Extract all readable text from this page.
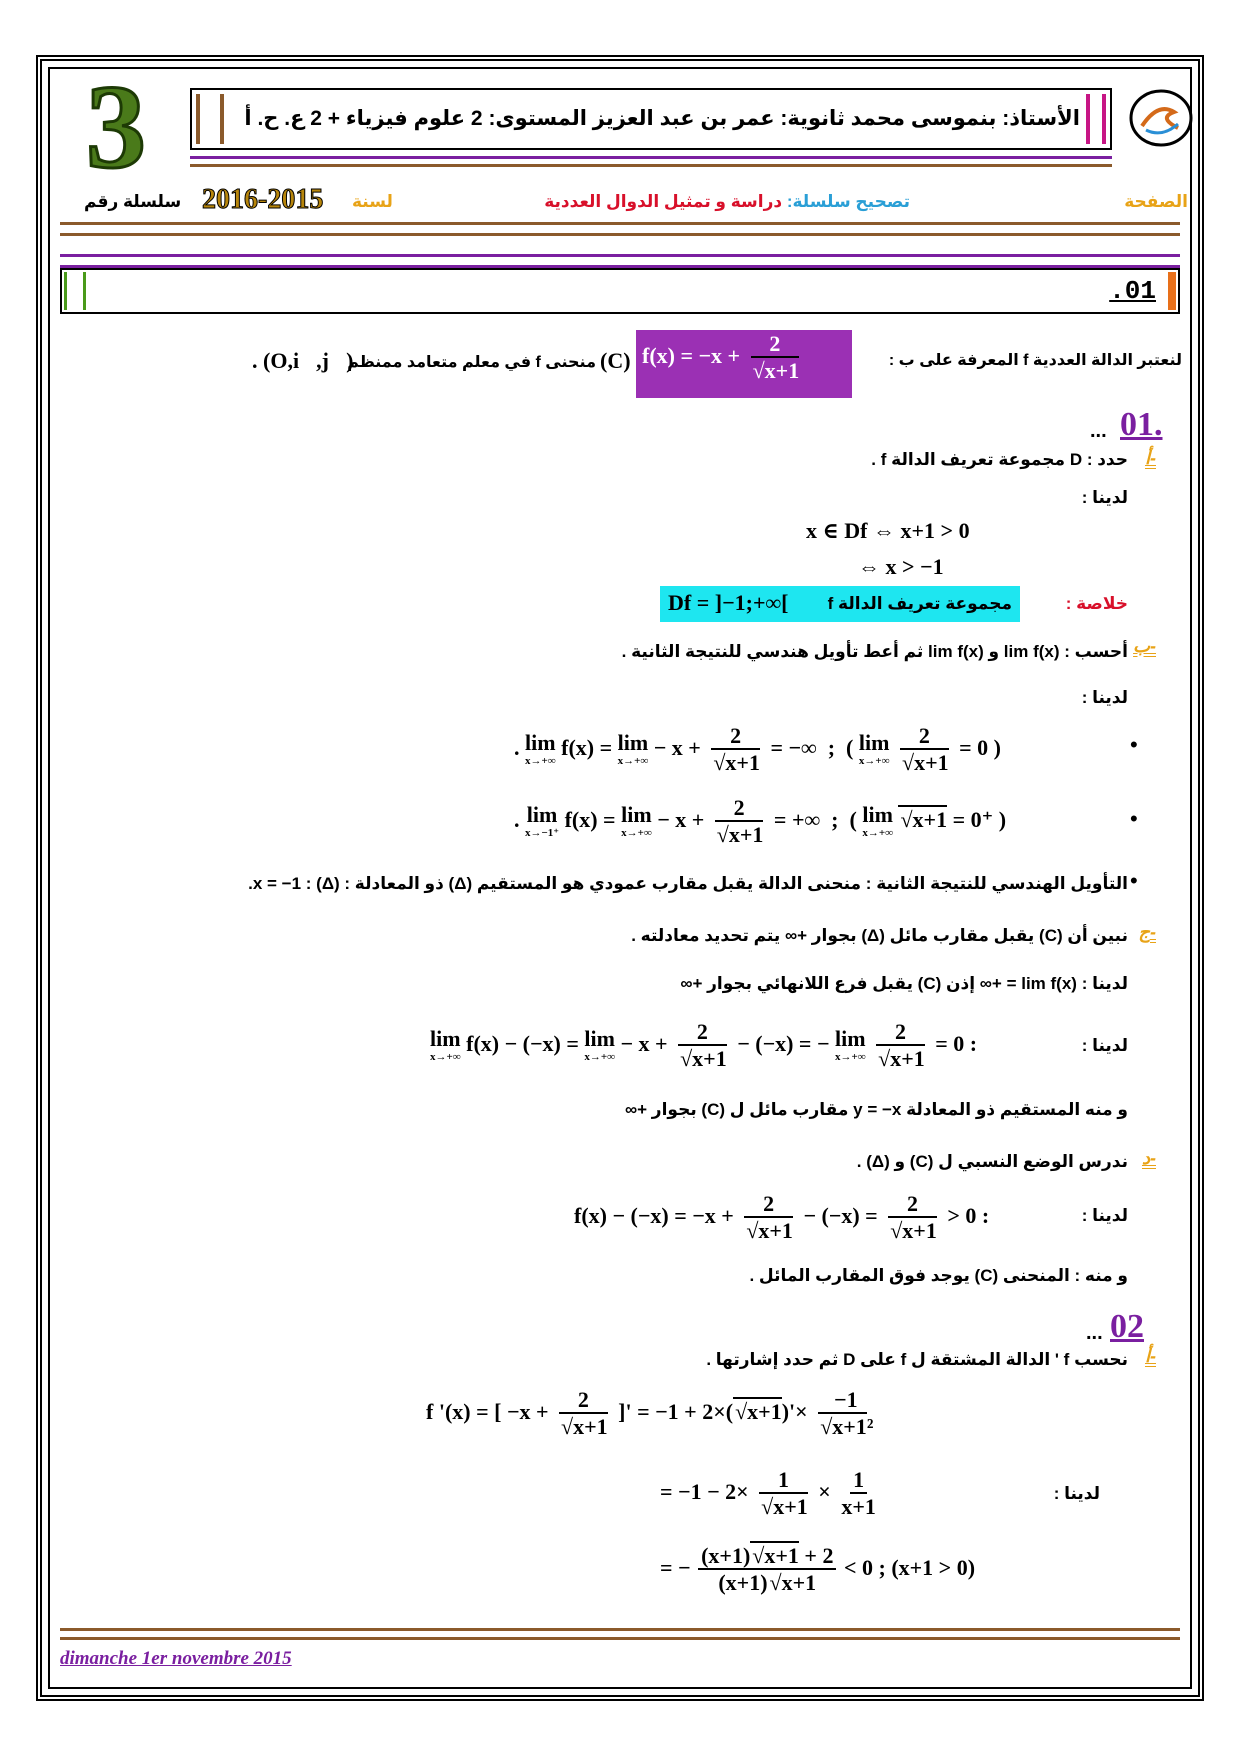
3	الأستاذ: بنموسى محمد ثانوية: عمر بن عبد العزيز المستوى: 2 علوم فيزياء + 2 ع. ح. أ
الصفحة
تصحيح سلسلة: دراسة و تمثيل الدوال العددية
لسنة
2016-2015
سلسلة رقم
.01
لنعتبر الدالة العددية f المعرفة على ب :
f(x) = −x + 2
√ x+1
(C)
منحنى f في معلم متعامد ممنظم
. (O,i⃗,j⃗)
01.
...
أ-
حدد : D مجموعة تعريف الدالة f .
لدينا :
x ∈ Df ⇔ x+1 > 0
⇔ x > −1
خلاصة :
مجموعة تعريف الدالة f
Df = ]−1;+∞[
ب-
أحسب : lim f(x) و lim f(x) ثم أعط تأويل هندسي للنتيجة الثانية .
لدينا :
. lim
x→+∞
f(x) = lim
x→+∞
− x + 2
√ x+1 = −∞  ;  ( lim
x→+∞
2
√ x+1 = 0 )
•
. lim
x→−1⁺
f(x) = lim
x→+∞
− x + 2
√ x+1 = +∞  ;  ( lim
x→+∞
√ x+1 = 0⁺ )
•
•
التأويل الهندسي للنتيجة الثانية : منحنى الدالة يقبل مقارب عمودي هو المستقيم (Δ) ذو المعادلة : x = −1 : (Δ).
ج-
نبين أن (C) يقبل مقارب مائل (Δ) بجوار +∞ يتم تحديد معادلته .
لدينا : lim f(x) = +∞ إذن (C) يقبل فرع اللانهائي بجوار +∞
lim
x→+∞
f(x) − (−x) = lim
x→+∞
− x + 2
√ x+1 − (−x) = − lim
x→+∞
2
√ x+1 = 0 :	لدينا :
و منه المستقيم ذو المعادلة y = −x مقارب مائل ل (C) بجوار +∞
د-
ندرس الوضع النسبي ل (C) و (Δ) .
f(x) − (−x) = −x + 2
√ x+1 − (−x) = 2
√ x+1 > 0 :	لدينا :
و منه : المنحنى (C) يوجد فوق المقارب المائل .
02
...
أ-
نحسب f ' الدالة المشتقة ل f على D ثم حدد إشارتها .
f '(x) = [ −x + 2
√ x+1 ]' = −1 + 2×( √ x+1)'× −1
√ x+1²
= −1 − 2× 1
√ $x+1 \times \frac{1}{x+1}$	لدينا :
= − $\frac{(x+1) √ x+1 + 2}{(x+1) √ x+1} < 0$ ; (x+1 > 0)
dimanche 1er novembre 2015
